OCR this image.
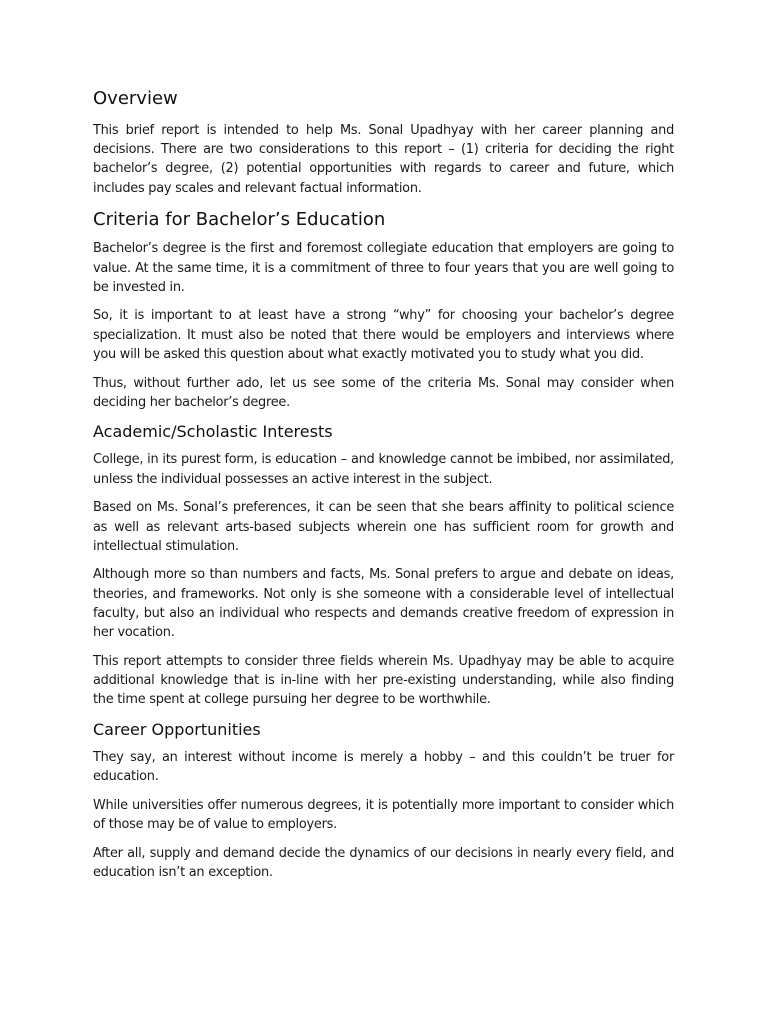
Overview

This brief report is intended to help Ms. Sonal Upadhyay with her career planning and decisions. There are two considerations to this report – (1) criteria for deciding the right bachelor’s degree, (2) potential opportunities with regards to career and future, which includes pay scales and relevant factual information.

Criteria for Bachelor’s Education

Bachelor’s degree is the first and foremost collegiate education that employers are going to value. At the same time, it is a commitment of three to four years that you are well going to be invested in.

So, it is important to at least have a strong “why” for choosing your bachelor’s degree specialization. It must also be noted that there would be employers and interviews where you will be asked this question about what exactly motivated you to study what you did.

Thus, without further ado, let us see some of the criteria Ms. Sonal may consider when deciding her bachelor’s degree.

Academic/Scholastic Interests

College, in its purest form, is education – and knowledge cannot be imbibed, nor assimilated, unless the individual possesses an active interest in the subject.

Based on Ms. Sonal’s preferences, it can be seen that she bears affinity to political science as well as relevant arts-based subjects wherein one has sufficient room for growth and intellectual stimulation.

Although more so than numbers and facts, Ms. Sonal prefers to argue and debate on ideas, theories, and frameworks. Not only is she someone with a considerable level of intellectual faculty, but also an individual who respects and demands creative freedom of expression in her vocation.

This report attempts to consider three fields wherein Ms. Upadhyay may be able to acquire additional knowledge that is in-line with her pre-existing understanding, while also finding the time spent at college pursuing her degree to be worthwhile.

Career Opportunities

They say, an interest without income is merely a hobby – and this couldn’t be truer for education.

While universities offer numerous degrees, it is potentially more important to consider which of those may be of value to employers.

After all, supply and demand decide the dynamics of our decisions in nearly every field, and education isn’t an exception.
